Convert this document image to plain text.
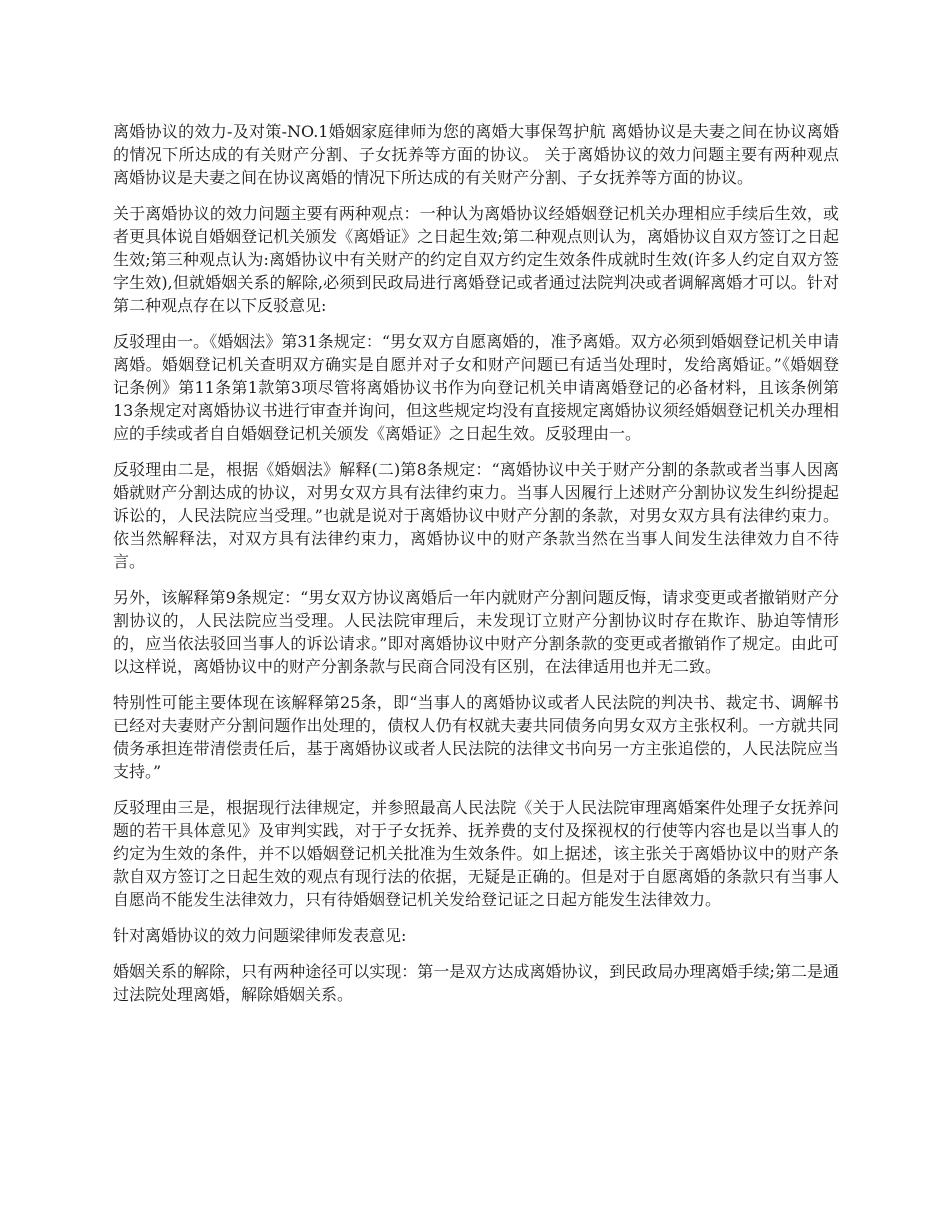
离婚协议的效力-及对策-NO.1婚姻家庭律师为您的离婚大事保驾护航 离婚协议是夫妻之间在协议离婚的情况下所达成的有关财产分割、子女抚养等方面的协议。 关于离婚协议的效力问题主要有两种观点 离婚协议是夫妻之间在协议离婚的情况下所达成的有关财产分割、子女抚养等方面的协议。

关于离婚协议的效力问题主要有两种观点：一种认为离婚协议经婚姻登记机关办理相应手续后生效，或者更具体说自婚姻登记机关颁发《离婚证》之日起生效;第二种观点则认为，离婚协议自双方签订之日起生效;第三种观点认为:离婚协议中有关财产的约定自双方约定生效条件成就时生效(许多人约定自双方签字生效),但就婚姻关系的解除,必须到民政局进行离婚登记或者通过法院判决或者调解离婚才可以。针对第二种观点存在以下反驳意见:

反驳理由一。《婚姻法》第31条规定：“男女双方自愿离婚的，准予离婚。双方必须到婚姻登记机关申请离婚。婚姻登记机关查明双方确实是自愿并对子女和财产问题已有适当处理时，发给离婚证。”《婚姻登记条例》第11条第1款第3项尽管将离婚协议书作为向登记机关申请离婚登记的必备材料，且该条例第13条规定对离婚协议书进行审查并询问，但这些规定均没有直接规定离婚协议须经婚姻登记机关办理相应的手续或者自自婚姻登记机关颁发《离婚证》之日起生效。反驳理由一。

反驳理由二是，根据《婚姻法》解释(二)第8条规定：“离婚协议中关于财产分割的条款或者当事人因离婚就财产分割达成的协议，对男女双方具有法律约束力。当事人因履行上述财产分割协议发生纠纷提起诉讼的，人民法院应当受理。”也就是说对于离婚协议中财产分割的条款，对男女双方具有法律约束力。依当然解释法，对双方具有法律约束力，离婚协议中的财产条款当然在当事人间发生法律效力自不待言。

另外，该解释第9条规定：“男女双方协议离婚后一年内就财产分割问题反悔，请求变更或者撤销财产分割协议的，人民法院应当受理。人民法院审理后，未发现订立财产分割协议时存在欺诈、胁迫等情形的，应当依法驳回当事人的诉讼请求。”即对离婚协议中财产分割条款的变更或者撤销作了规定。由此可以这样说，离婚协议中的财产分割条款与民商合同没有区别，在法律适用也并无二致。

特别性可能主要体现在该解释第25条，即“当事人的离婚协议或者人民法院的判决书、裁定书、调解书已经对夫妻财产分割问题作出处理的，债权人仍有权就夫妻共同债务向男女双方主张权利。一方就共同债务承担连带清偿责任后，基于离婚协议或者人民法院的法律文书向另一方主张追偿的，人民法院应当支持。”

反驳理由三是，根据现行法律规定，并参照最高人民法院《关于人民法院审理离婚案件处理子女抚养问题的若干具体意见》及审判实践，对于子女抚养、抚养费的支付及探视权的行使等内容也是以当事人的约定为生效的条件，并不以婚姻登记机关批准为生效条件。如上据述，该主张关于离婚协议中的财产条款自双方签订之日起生效的观点有现行法的依据，无疑是正确的。但是对于自愿离婚的条款只有当事人自愿尚不能发生法律效力，只有待婚姻登记机关发给登记证之日起方能发生法律效力。

针对离婚协议的效力问题梁律师发表意见:

婚姻关系的解除，只有两种途径可以实现：第一是双方达成离婚协议，到民政局办理离婚手续;第二是通过法院处理离婚，解除婚姻关系。
